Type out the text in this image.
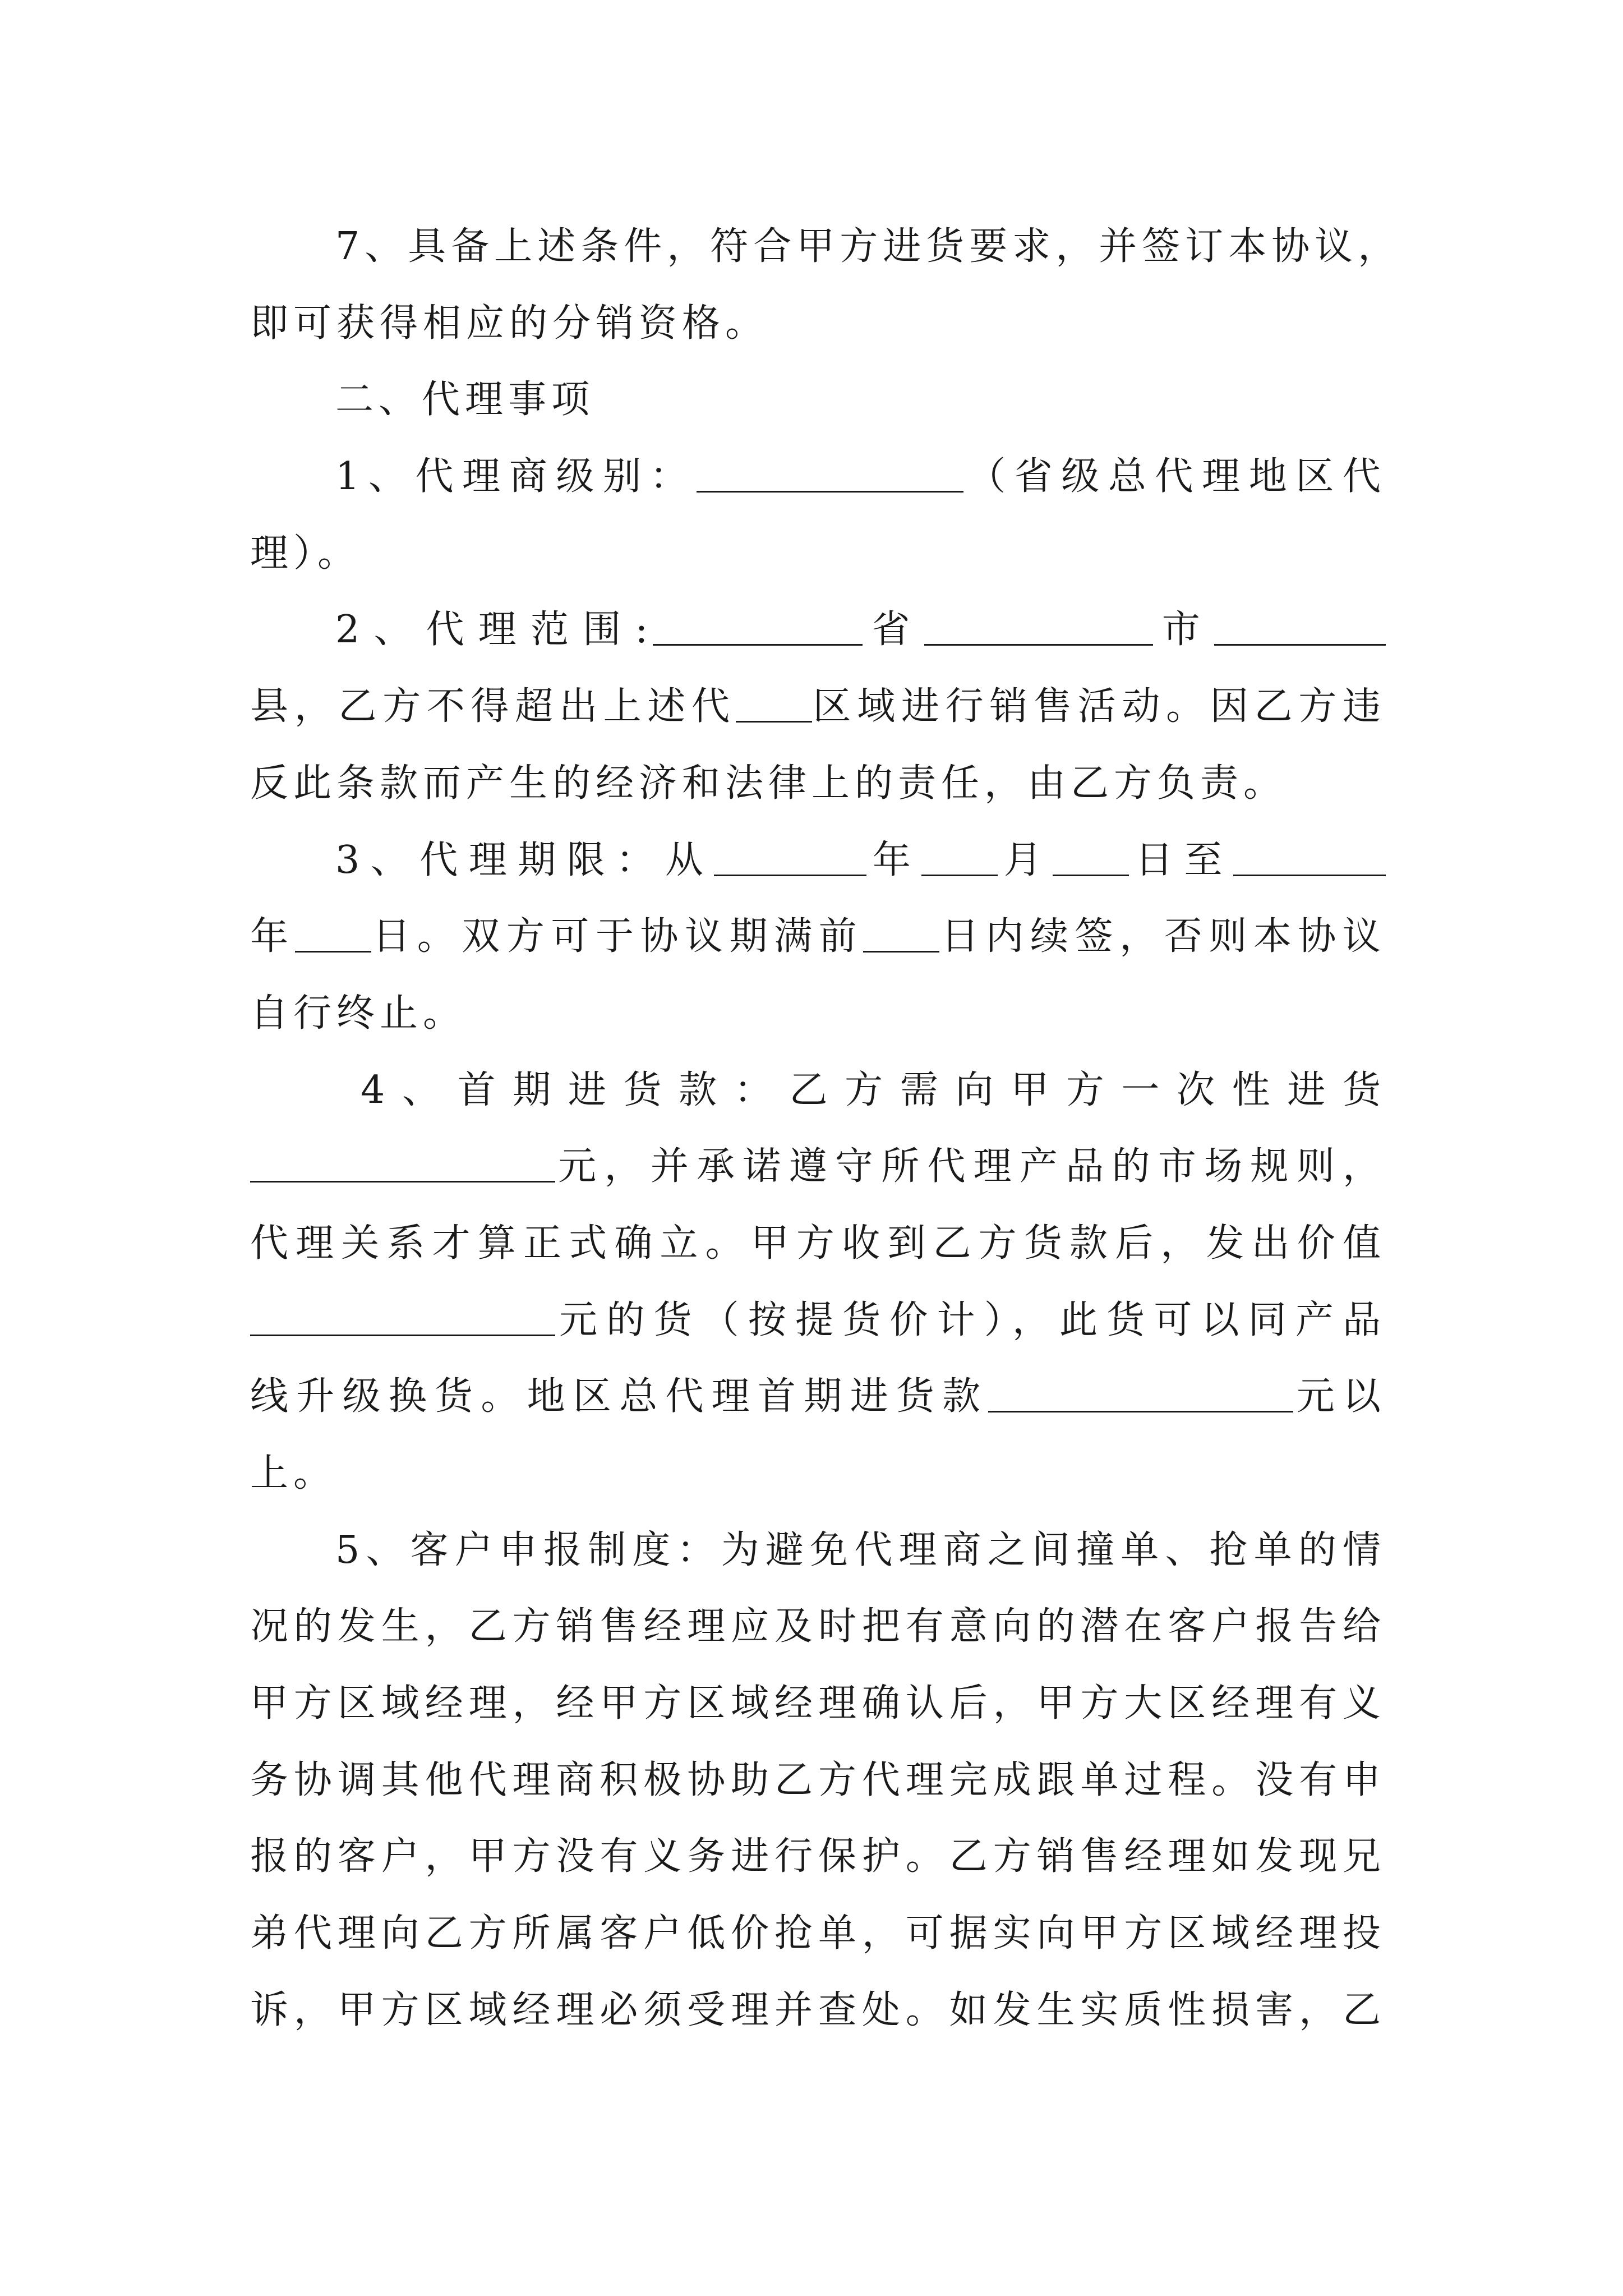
7、具备上述条件，符合甲方进货要求，并签订本协议，
即可获得相应的分销资格。
二、代理事项
1、代理商级别：	（省级总代理地区代
理）。
2、代理范围:	省	市
县，乙方不得超出上述代 区域进行销售活动。因乙方违
反此条款而产生的经济和法律上的责任，由乙方负责。
3、代理期限：从	年 月 日至
年 日。双方可于协议期满前 日内续签，否则本协议
自行终止。
4、首期进货款：乙方需向甲方一次性进货
元，并承诺遵守所代理产品的市场规则，
代理关系才算正式确立。甲方收到乙方货款后，发出价值
元的货（按提货价计），此货可以同产品
线升级换货。地区总代理首期进货款	元以
上。
5、客户申报制度：为避免代理商之间撞单、抢单的情
况的发生，乙方销售经理应及时把有意向的潜在客户报告给
甲方区域经理，经甲方区域经理确认后，甲方大区经理有义
务协调其他代理商积极协助乙方代理完成跟单过程。没有申
报的客户，甲方没有义务进行保护。乙方销售经理如发现兄
弟代理向乙方所属客户低价抢单，可据实向甲方区域经理投
诉，甲方区域经理必须受理并查处。如发生实质性损害，乙
